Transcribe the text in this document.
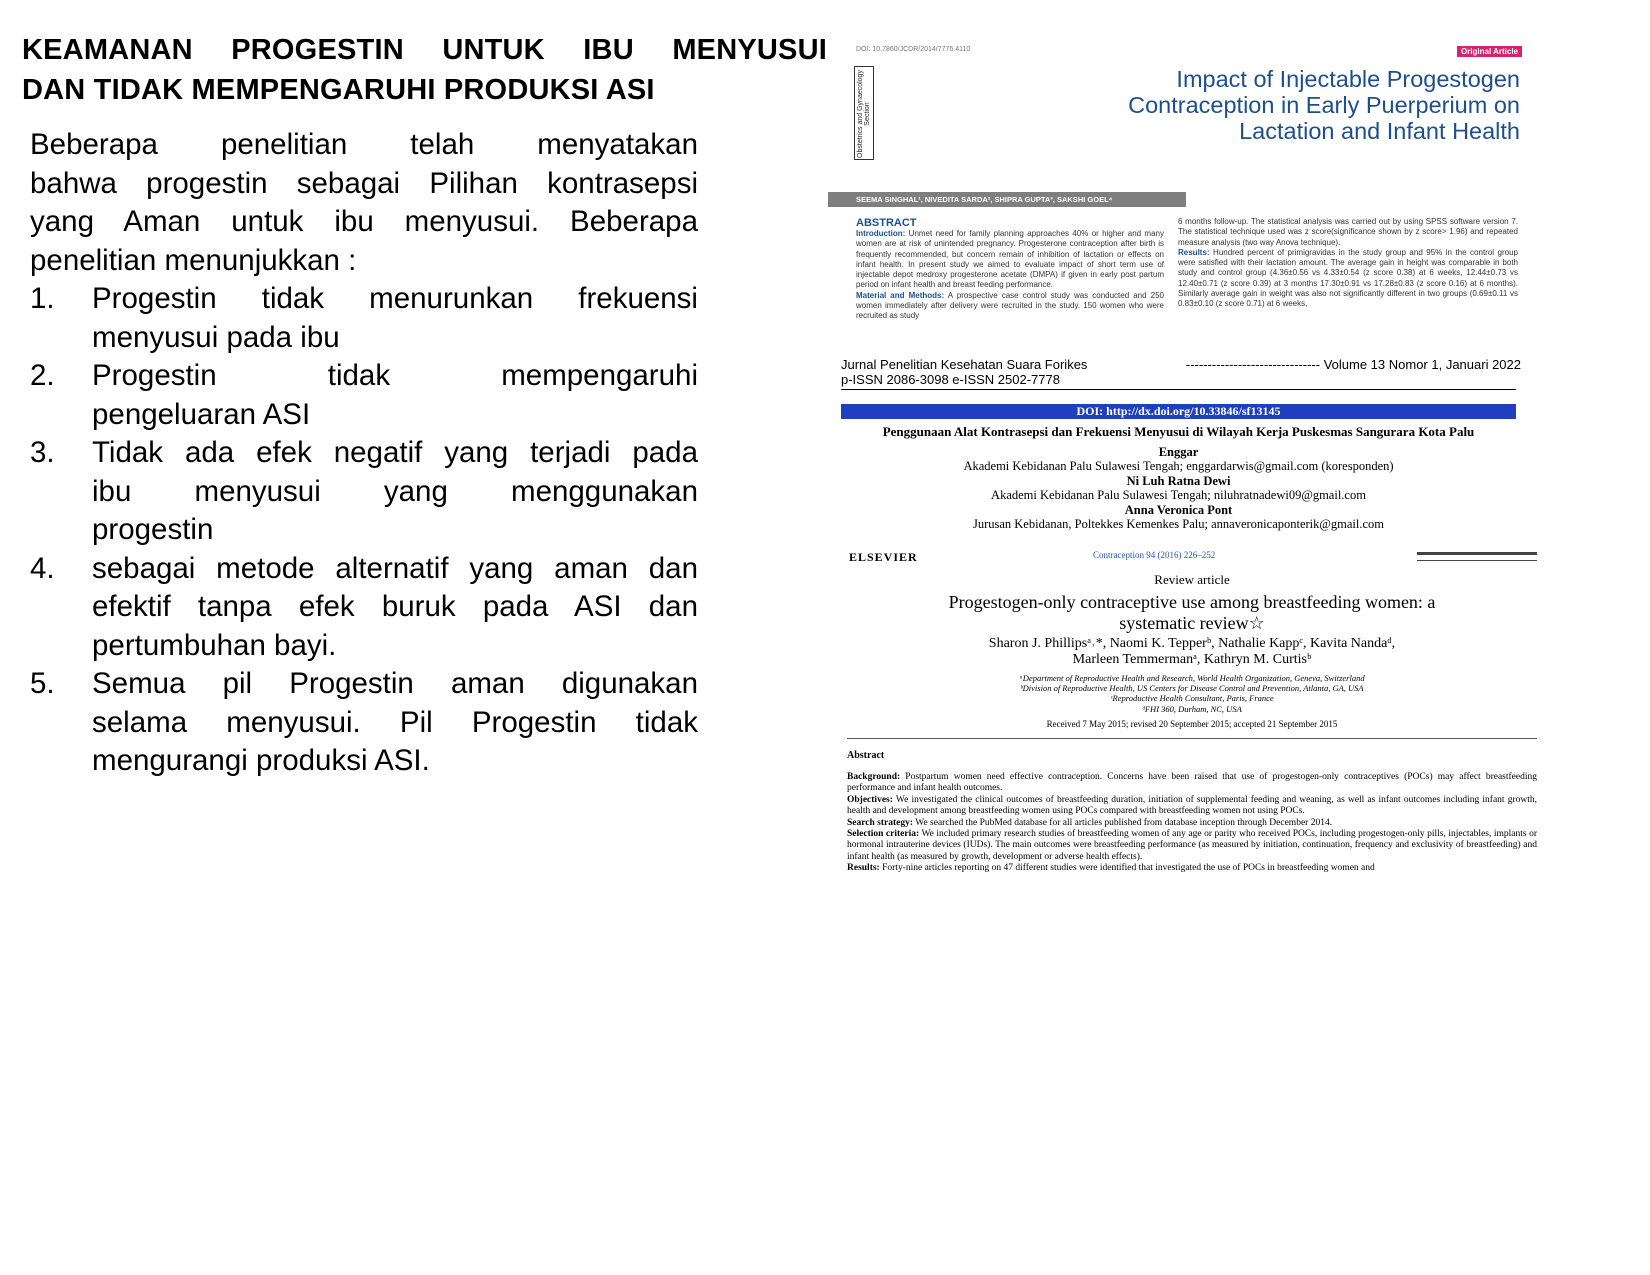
KEAMANAN PROGESTIN UNTUK IBU MENYUSUI
DAN TIDAK MEMPENGARUHI PRODUKSI ASI

Beberapa penelitian telah menyatakan
bahwa progestin sebagai Pilihan kontrasepsi
yang Aman untuk ibu menyusui. Beberapa
penelitian menunjukkan :

1. Progestin tidak menurunkan frekuensi
menyusui pada ibu
2. Progestin tidak mempengaruhi
pengeluaran ASI
3. Tidak ada efek negatif yang terjadi pada
ibu menyusui yang menggunakan
progestin
4. sebagai metode alternatif yang aman dan
efektif tanpa efek buruk pada ASI dan
pertumbuhan bayi.
5. Semua pil Progestin aman digunakan
selama menyusui. Pil Progestin tidak
mengurangi produksi ASI.
DOI: 10.7860/JCDR/2014/7776.4110	Original Article
Obstetrics and Gynaecology Section
Impact of Injectable Progestogen
Contraception in Early Puerperium on
Lactation and Infant Health
SEEMA SINGHAL¹, NIVEDITA SARDA², SHIPRA GUPTA³, SAKSHI GOEL⁴
ABSTRACT
Introduction: Unmet need for family planning approaches 40% or higher and many women are at risk of unintended pregnancy. Progesterone contraception after birth is frequently recommended, but concern remain of inhibition of lactation or effects on infant health. In present study we aimed to evaluate impact of short term use of injectable depot medroxy progesterone acetate (DMPA) if given in early post partum period on infant health and breast feeding performance.
Material and Methods: A prospective case control study was conducted and 250 women immediately after delivery were recruited in the study. 150 women who were recruited as study
6 months follow-up. The statistical analysis was carried out by using SPSS software version 7. The statistical technique used was z score(significance shown by z score> 1.96) and repeated measure analysis (two way Anova technique).
Results: Hundred percent of primigravidas in the study group and 95% in the control group were satisfied with their lactation amount. The average gain in height was comparable in both study and control group (4.36±0.56 vs 4.33±0.54 (z score 0.38) at 6 weeks, 12.44±0.73 vs 12.40±0.71 (z score 0.39) at 3 months 17.30±0.91 vs 17.28±0.83 (z score 0.16) at 6 months). Similarly average gain in weight was also not significantly different in two groups (0.69±0.11 vs 0.83±0.10 (z score 0.71) at 6 weeks,
Jurnal Penelitian Kesehatan Suara Forikes	------------------------------- Volume 13 Nomor 1, Januari 2022
p-ISSN 2086-3098 e-ISSN 2502-7778
DOI: http://dx.doi.org/10.33846/sf13145
Penggunaan Alat Kontrasepsi dan Frekuensi Menyusui di Wilayah Kerja Puskesmas Sangurara Kota Palu
Enggar
Akademi Kebidanan Palu Sulawesi Tengah; enggardarwis@gmail.com (koresponden)
Ni Luh Ratna Dewi
Akademi Kebidanan Palu Sulawesi Tengah; niluhratnadewi09@gmail.com
Anna Veronica Pont
Jurusan Kebidanan, Poltekkes Kemenkes Palu; annaveronicaponterik@gmail.com
ELSEVIER	Contraception 94 (2016) 226–252
Review article
Progestogen-only contraceptive use among breastfeeding women: a
systematic review☆
Sharon J. Phillipsᵃ˒*, Naomi K. Tepperᵇ, Nathalie Kappᶜ, Kavita Nandaᵈ,
Marleen Temmermanᵃ, Kathryn M. Curtisᵇ
ᵃDepartment of Reproductive Health and Research, World Health Organization, Geneva, Switzerland
ᵇDivision of Reproductive Health, US Centers for Disease Control and Prevention, Atlanta, GA, USA
ᶜReproductive Health Consultant, Paris, France
ᵈFHI 360, Durham, NC, USA
Received 7 May 2015; revised 20 September 2015; accepted 21 September 2015
Abstract
Background: Postpartum women need effective contraception. Concerns have been raised that use of progestogen-only contraceptives (POCs) may affect breastfeeding performance and infant health outcomes.
Objectives: We investigated the clinical outcomes of breastfeeding duration, initiation of supplemental feeding and weaning, as well as infant outcomes including infant growth, health and development among breastfeeding women using POCs compared with breastfeeding women not using POCs.
Search strategy: We searched the PubMed database for all articles published from database inception through December 2014.
Selection criteria: We included primary research studies of breastfeeding women of any age or parity who received POCs, including progestogen-only pills, injectables, implants or hormonal intrauterine devices (IUDs). The main outcomes were breastfeeding performance (as measured by initiation, continuation, frequency and exclusivity of breastfeeding) and infant health (as measured by growth, development or adverse health effects).
Results: Forty-nine articles reporting on 47 different studies were identified that investigated the use of POCs in breastfeeding women and
